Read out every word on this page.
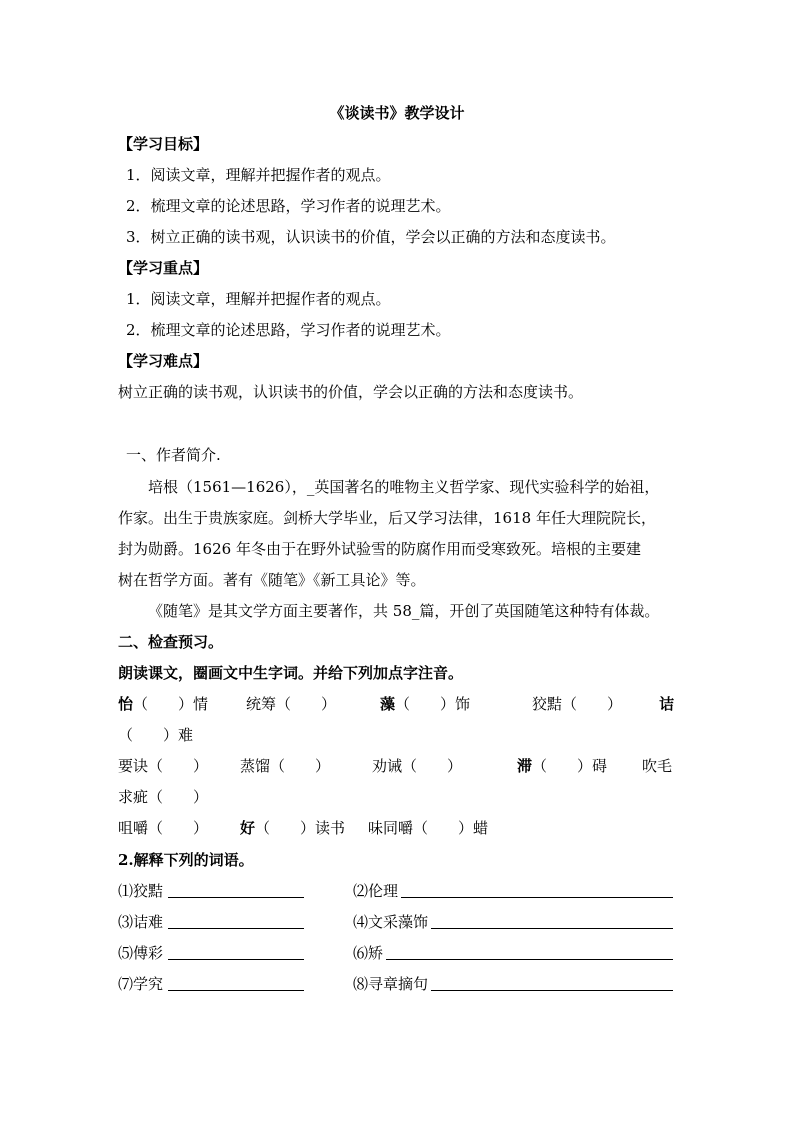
《谈读书》教学设计
【学习目标】
1．阅读文章，理解并把握作者的观点。
2．梳理文章的论述思路，学习作者的说理艺术。
3．树立正确的读书观，认识读书的价值，学会以正确的方法和态度读书。
【学习重点】
1．阅读文章，理解并把握作者的观点。
2．梳理文章的论述思路，学习作者的说理艺术。
【学习难点】
树立正确的读书观，认识读书的价值，学会以正确的方法和态度读书。
一、作者简介.
培根（1561—1626），_英国著名的唯物主义哲学家、现代实验科学的始祖，
作家。出生于贵族家庭。剑桥大学毕业，后又学习法律，1618 年任大理院院长，
封为勋爵。1626 年冬由于在野外试验雪的防腐作用而受寒致死。培根的主要建
树在哲学方面。著有《随笔》《新工具论》等。
《随笔》是其文学方面主要著作，共 58_篇，开创了英国随笔这种特有体裁。
二、检查预习。
朗读课文，圈画文中生字词。并给下列加点字注音。
怡（　　）情	统筹（　　）	藻（　　）饰	狡黠（　　） 诘
（　　）难
要诀（　　） 蒸馏（　　）	劝诫（　　）	滞（　　）碍 吹毛
求疵（　　）
咀嚼（　　） 好（　　）读书 味同嚼（　　）蜡
2.解释下列的词语。
⑴狡黠	⑵伦理
⑶诘难	⑷文采藻饰
⑸傅彩	⑹矫
⑺学究	⑻寻章摘句
